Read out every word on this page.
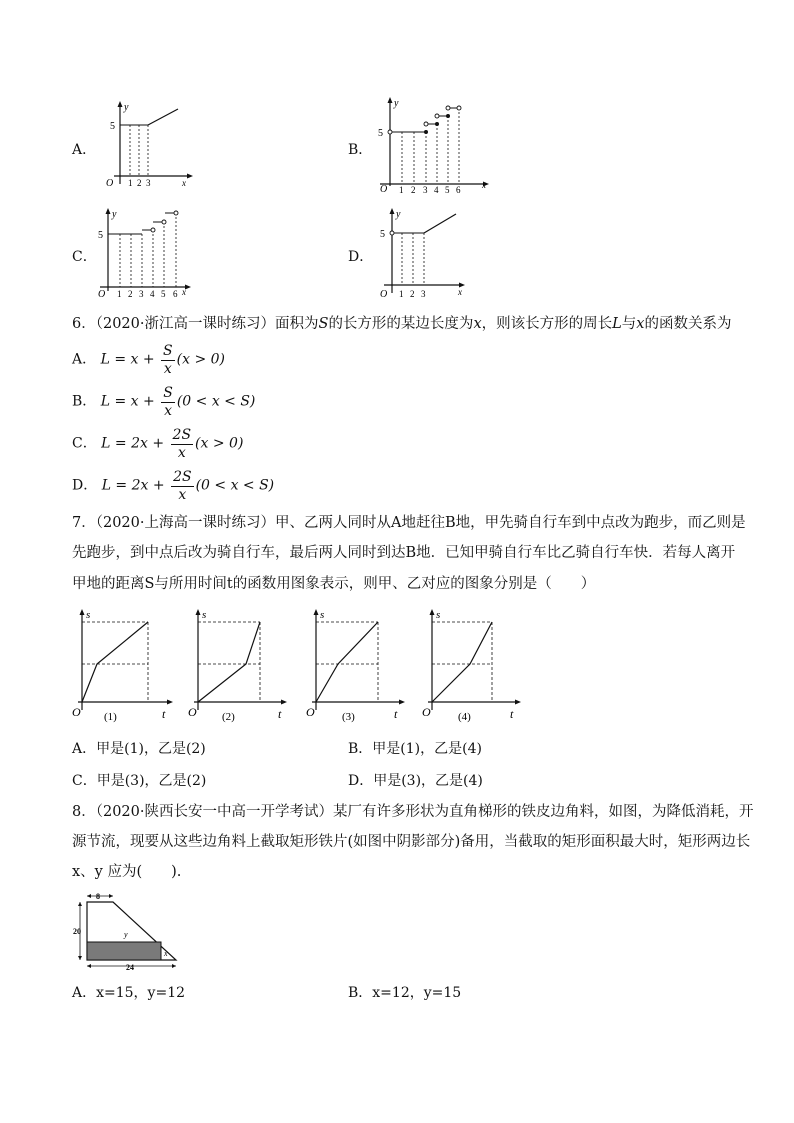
A．
y
x
O
5
1 2 3
B．
y
x
O
5
1 2 3 4 5 6
C．
y
x
O
5
1 2 3 4 5 6
D．
y
x
O
5
1 2 3
6．（2020·浙江高一课时练习）面积为S的长方形的某边长度为x，则该长方形的周长L与x的函数关系为
A． $L = x + \frac{S}{x} (x > 0)$
B． $L = x + \frac{S}{x} (0 < x < S)$
C． $L = 2x + \frac{2S}{x} (x > 0)$
D． $L = 2x + \frac{2S}{x} (0 < x < S)$
7．（2020·上海高一课时练习）甲、乙两人同时从A地赶往B地，甲先骑自行车到中点改为跑步，而乙则是
先跑步，到中点后改为骑自行车，最后两人同时到达B地．已知甲骑自行车比乙骑自行车快．若每人离开
甲地的距离S与所用时间t的函数用图象表示，则甲、乙对应的图象分别是（　　）
s
t
O (1)
s
t
O (2)
s
t
O (3)
s
t
O (4)
A．甲是(1)，乙是(2)	B．甲是(1)，乙是(4)
C．甲是(3)，乙是(2)	D．甲是(3)，乙是(4)
8．（2020·陕西长安一中高一开学考试）某厂有许多形状为直角梯形的铁皮边角料，如图，为降低消耗，开
源节流，现要从这些边角料上截取矩形铁片(如图中阴影部分)备用，当截取的矩形面积最大时，矩形两边长
x、y 应为(　　).
8
20	y
x
24
A．x=15，y=12	B．x=12，y=15
